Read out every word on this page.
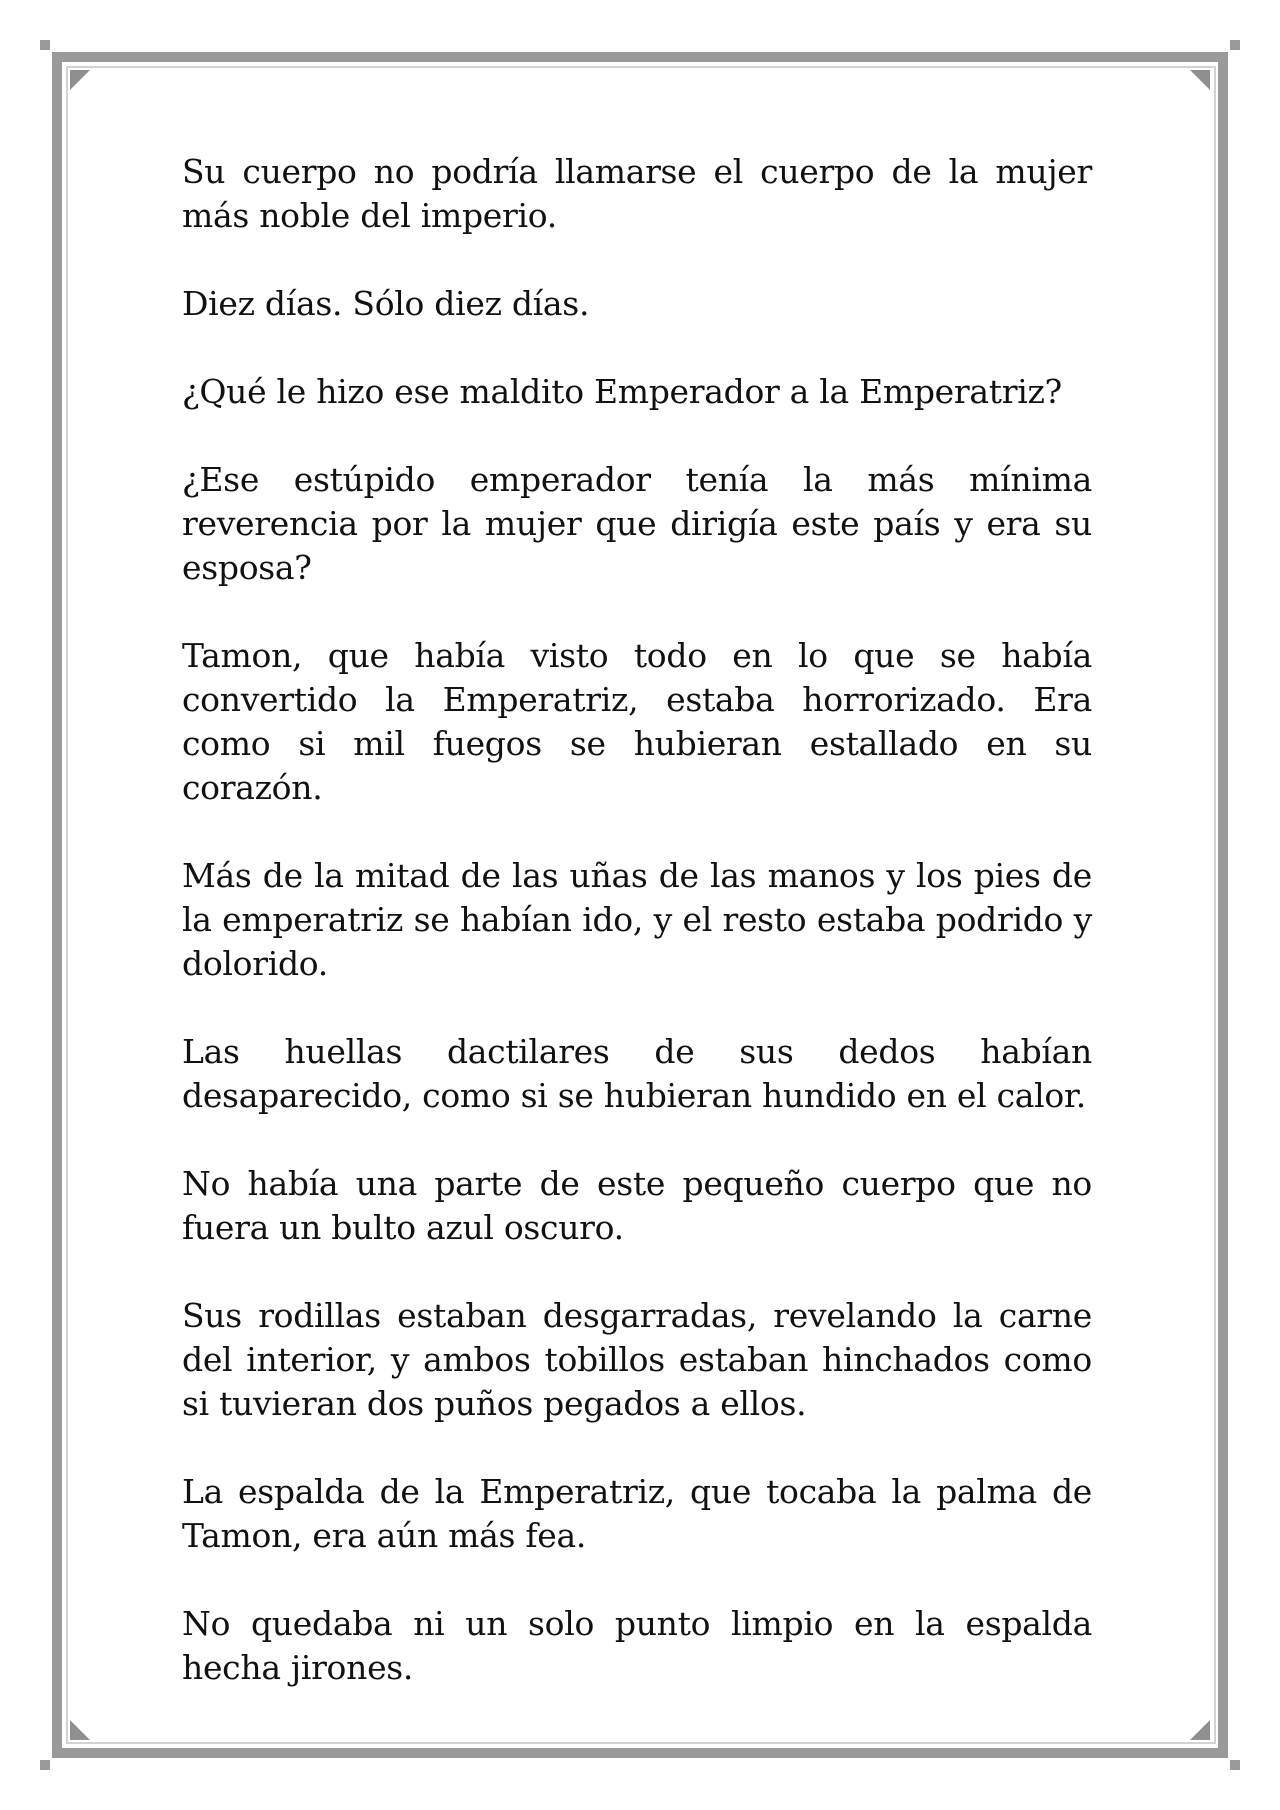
Su cuerpo no podría llamarse el cuerpo de la mujer más noble del imperio.

Diez días. Sólo diez días.

¿Qué le hizo ese maldito Emperador a la Emperatriz?

¿Ese estúpido emperador tenía la más mínima reverencia por la mujer que dirigía este país y era su esposa?

Tamon, que había visto todo en lo que se había convertido la Emperatriz, estaba horrorizado. Era como si mil fuegos se hubieran estallado en su corazón.

Más de la mitad de las uñas de las manos y los pies de la emperatriz se habían ido, y el resto estaba podrido y dolorido.

Las huellas dactilares de sus dedos habían desaparecido, como si se hubieran hundido en el calor.

No había una parte de este pequeño cuerpo que no fuera un bulto azul oscuro.

Sus rodillas estaban desgarradas, revelando la carne del interior, y ambos tobillos estaban hinchados como si tuvieran dos puños pegados a ellos.

La espalda de la Emperatriz, que tocaba la palma de Tamon, era aún más fea.

No quedaba ni un solo punto limpio en la espalda hecha jirones.
